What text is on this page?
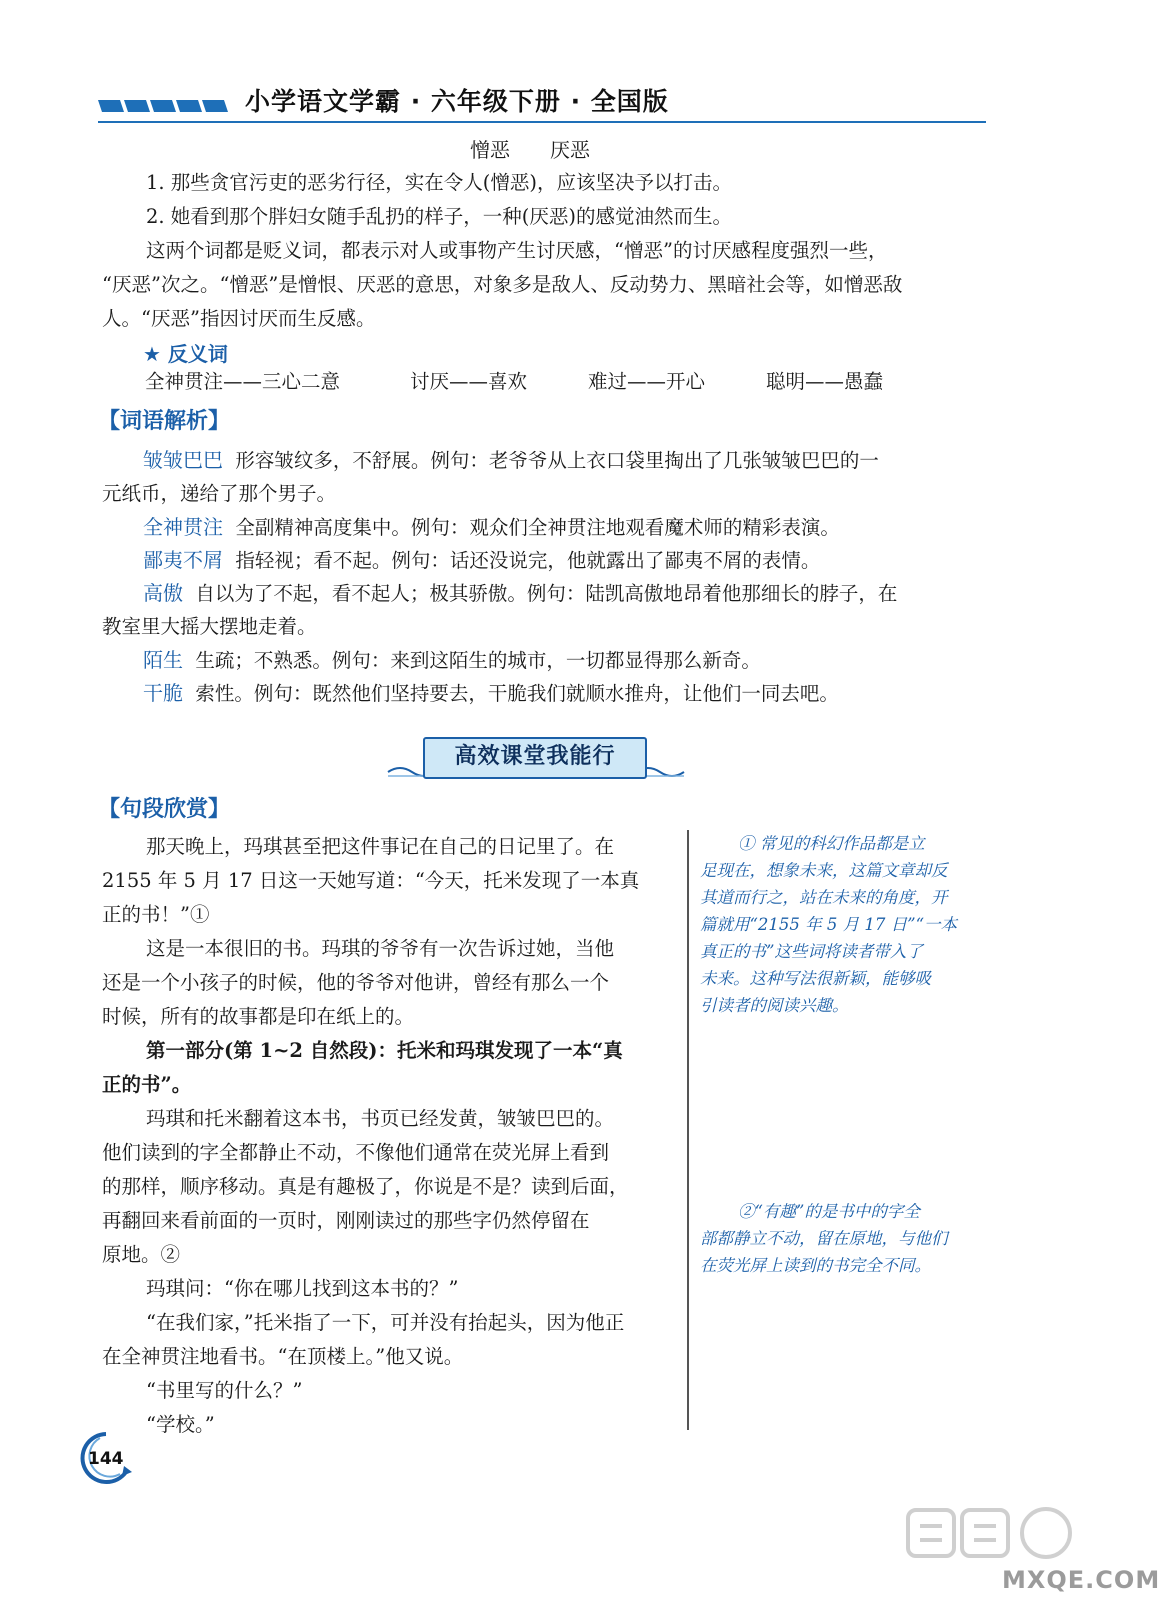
小学语文学霸 · 六年级下册 · 全国版
憎恶　　厌恶
1. 那些贪官污吏的恶劣行径，实在令人(憎恶)，应该坚决予以打击。
2. 她看到那个胖妇女随手乱扔的样子，一种(厌恶)的感觉油然而生。
这两个词都是贬义词，都表示对人或事物产生讨厌感，“憎恶”的讨厌感程度强烈一些，
“厌恶”次之。“憎恶”是憎恨、厌恶的意思，对象多是敌人、反动势力、黑暗社会等，如憎恶敌
人。“厌恶”指因讨厌而生反感。
★ 反义词
全神贯注——三心二意	讨厌——喜欢	难过——开心	聪明——愚蠢
【词语解析】
皱皱巴巴 形容皱纹多，不舒展。例句：老爷爷从上衣口袋里掏出了几张皱皱巴巴的一
元纸币，递给了那个男子。
全神贯注 全副精神高度集中。例句：观众们全神贯注地观看魔术师的精彩表演。
鄙夷不屑 指轻视；看不起。例句：话还没说完，他就露出了鄙夷不屑的表情。
高傲 自以为了不起，看不起人；极其骄傲。例句：陆凯高傲地昂着他那细长的脖子，在
教室里大摇大摆地走着。
陌生 生疏；不熟悉。例句：来到这陌生的城市，一切都显得那么新奇。
干脆 索性。例句：既然他们坚持要去，干脆我们就顺水推舟，让他们一同去吧。
高效课堂我能行
【句段欣赏】
那天晚上，玛琪甚至把这件事记在自己的日记里了。在
2155 年 5 月 17 日这一天她写道：“今天，托米发现了一本真
正的书！”①
这是一本很旧的书。玛琪的爷爷有一次告诉过她，当他
还是一个小孩子的时候，他的爷爷对他讲，曾经有那么一个
时候，所有的故事都是印在纸上的。
第一部分(第 1~2 自然段)：托米和玛琪发现了一本“真
正的书”。
玛琪和托米翻着这本书，书页已经发黄，皱皱巴巴的。
他们读到的字全都静止不动，不像他们通常在荧光屏上看到
的那样，顺序移动。真是有趣极了，你说是不是？读到后面，
再翻回来看前面的一页时，刚刚读过的那些字仍然停留在
原地。②
玛琪问：“你在哪儿找到这本书的？”
“在我们家，”托米指了一下，可并没有抬起头，因为他正
在全神贯注地看书。“在顶楼上。”他又说。
“书里写的什么？”
“学校。”
① 常见的科幻作品都是立
足现在，想象未来，这篇文章却反
其道而行之，站在未来的角度，开
篇就用“2155 年 5 月 17 日”“一本
真正的书”这些词将读者带入了
未来。这种写法很新颖，能够吸
引读者的阅读兴趣。
②“有趣”的是书中的字全
部都静立不动，留在原地，与他们
在荧光屏上读到的书完全不同。
144
MXQE.COM
